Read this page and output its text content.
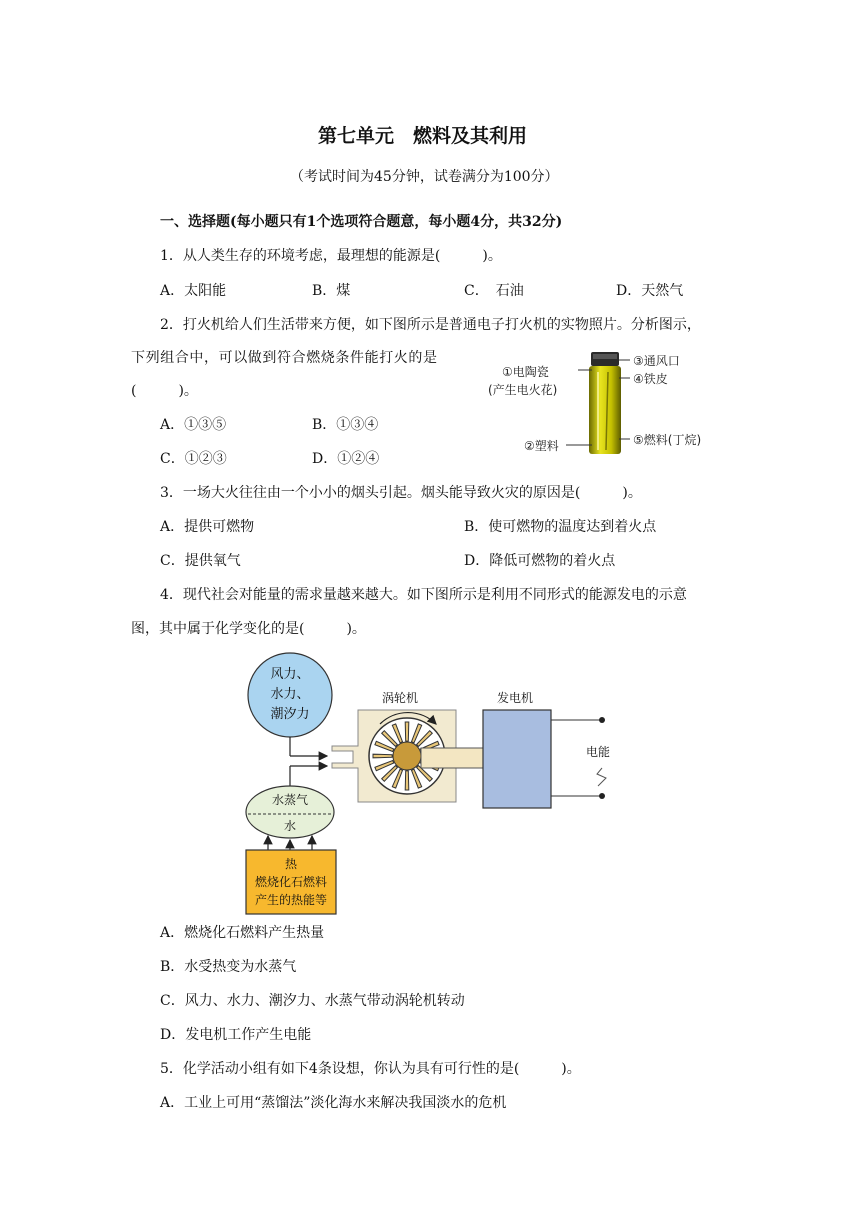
第七单元　燃料及其利用
（考试时间为45分钟，试卷满分为100分）
一、选择题(每小题只有1个选项符合题意，每小题4分，共32分)
1．从人类生存的环境考虑，最理想的能源是(　　　)。
A．太阳能	B．煤	C．　石油	D．天然气
2．打火机给人们生活带来方便，如下图所示是普通电子打火机的实物照片。分析图示，
下列组合中，可以做到符合燃烧条件能打火的是
(　　　)。
A．①③⑤	B．①③④
C．①②③	D．①②④
①电陶瓷
(产生电火花)
②塑料
③通风口
④铁皮
⑤燃料(丁烷)
3．一场大火往往由一个小小的烟头引起。烟头能导致火灾的原因是(　　　)。
A．提供可燃物	B．使可燃物的温度达到着火点
C．提供氧气	D．降低可燃物的着火点
4．现代社会对能量的需求量越来越大。如下图所示是利用不同形式的能源发电的示意
图，其中属于化学变化的是(　　　)。
风力、
水力、
潮汐力
水蒸气
水
热
燃烧化石燃料
产生的热能等
涡轮机	发电机
电能
A．燃烧化石燃料产生热量
B．水受热变为水蒸气
C．风力、水力、潮汐力、水蒸气带动涡轮机转动
D．发电机工作产生电能
5．化学活动小组有如下4条设想，你认为具有可行性的是(　　　)。
A．工业上可用“蒸馏法”淡化海水来解决我国淡水的危机
